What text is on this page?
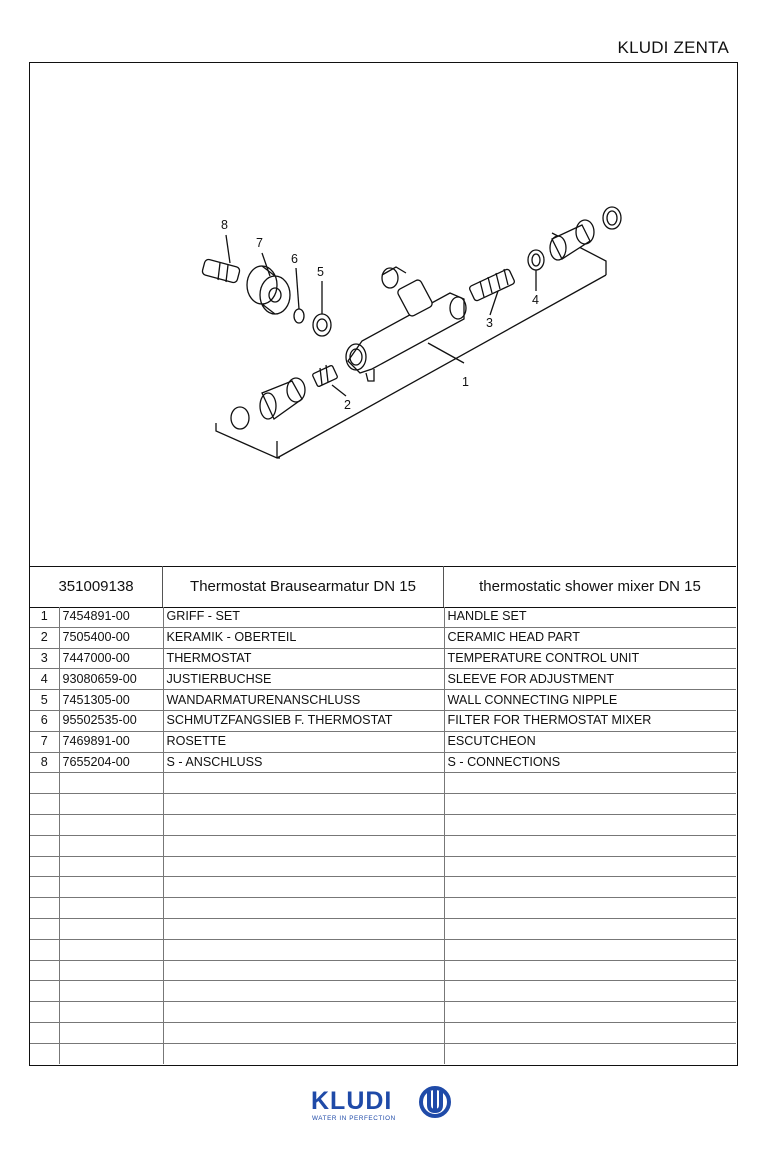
KLUDI ZENTA
1
2
3
4
5
6
7
8
351009138	Thermostat Brausearmatur DN 15	thermostatic shower mixer DN 15
1	7454891-00	GRIFF - SET	HANDLE SET
2	7505400-00	KERAMIK - OBERTEIL	CERAMIC HEAD PART
3	7447000-00	THERMOSTAT	TEMPERATURE CONTROL UNIT
4	93080659-00	JUSTIERBUCHSE	SLEEVE FOR ADJUSTMENT
5	7451305-00	WANDARMATURENANSCHLUSS	WALL CONNECTING NIPPLE
6	95502535-00	SCHMUTZFANGSIEB F. THERMOSTAT	FILTER FOR THERMOSTAT MIXER
7	7469891-00	ROSETTE	ESCUTCHEON
8	7655204-00	S - ANSCHLUSS	S - CONNECTIONS

KLUDI
WATER IN PERFECTION
